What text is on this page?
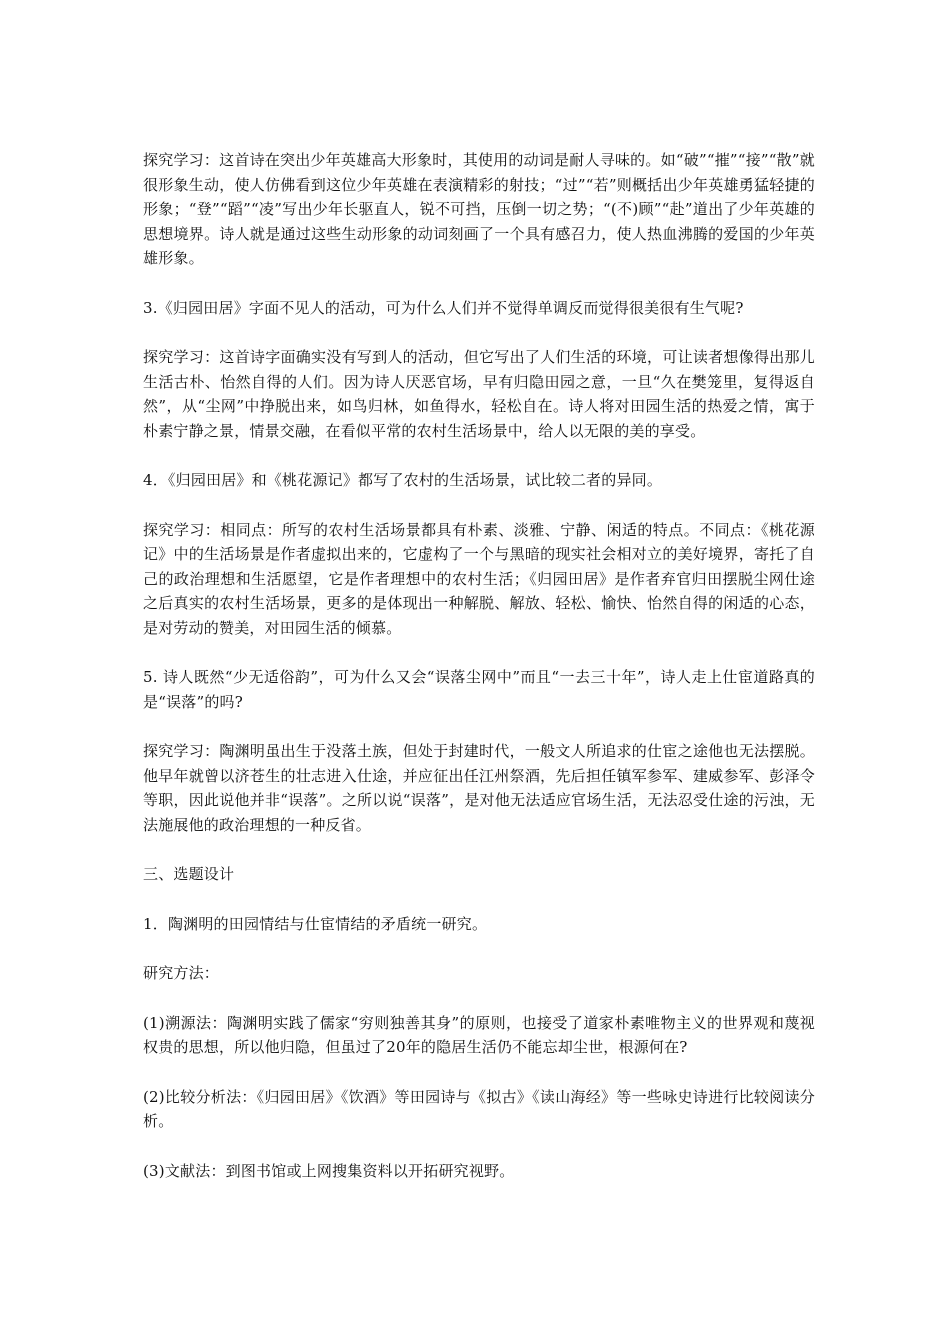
探究学习：这首诗在突出少年英雄高大形象时，其使用的动词是耐人寻味的。如“破”“摧”“接”“散”就很形象生动，使人仿佛看到这位少年英雄在表演精彩的射技；“过”“若”则概括出少年英雄勇猛轻捷的形象；“登”“蹈”“凌”写出少年长驱直人，锐不可挡，压倒一切之势；“(不)顾”“赴”道出了少年英雄的思想境界。诗人就是通过这些生动形象的动词刻画了一个具有感召力，使人热血沸腾的爱国的少年英雄形象。

3.《归园田居》字面不见人的活动，可为什么人们并不觉得单调反而觉得很美很有生气呢?

探究学习：这首诗字面确实没有写到人的活动，但它写出了人们生活的环境，可让读者想像得出那儿生活古朴、怡然自得的人们。因为诗人厌恶官场，早有归隐田园之意，一旦“久在樊笼里，复得返自然”，从“尘网”中挣脱出来，如鸟归林，如鱼得水，轻松自在。诗人将对田园生活的热爱之情，寓于朴素宁静之景，情景交融，在看似平常的农村生活场景中，给人以无限的美的享受。

4．《归园田居》和《桃花源记》都写了农村的生活场景，试比较二者的异同。

探究学习：相同点：所写的农村生活场景都具有朴素、淡雅、宁静、闲适的特点。不同点：《桃花源记》中的生活场景是作者虚拟出来的，它虚构了一个与黑暗的现实社会相对立的美好境界，寄托了自己的政治理想和生活愿望，它是作者理想中的农村生活；《归园田居》是作者弃官归田摆脱尘网仕途之后真实的农村生活场景，更多的是体现出一种解脱、解放、轻松、愉快、怡然自得的闲适的心态，是对劳动的赞美，对田园生活的倾慕。

5. 诗人既然“少无适俗韵”，可为什么又会“误落尘网中”而且“一去三十年”，诗人走上仕宦道路真的是“误落”的吗?

探究学习：陶渊明虽出生于没落土族，但处于封建时代，一般文人所追求的仕宦之途他也无法摆脱。他早年就曾以济苍生的壮志进入仕途，并应征出任江州祭酒，先后担任镇军参军、建威参军、彭泽令等职，因此说他并非“误落”。之所以说“误落”，是对他无法适应官场生活，无法忍受仕途的污浊，无法施展他的政治理想的一种反省。

三、选题设计

1．陶渊明的田园情结与仕宦情结的矛盾统一研究。

研究方法：

(1)溯源法：陶渊明实践了儒家“穷则独善其身”的原则，也接受了道家朴素唯物主义的世界观和蔑视权贵的思想，所以他归隐，但虽过了20年的隐居生活仍不能忘却尘世，根源何在?

(2)比较分析法：《归园田居》《饮酒》等田园诗与《拟古》《读山海经》等一些咏史诗进行比较阅读分析。

(3)文献法：到图书馆或上网搜集资料以开拓研究视野。
